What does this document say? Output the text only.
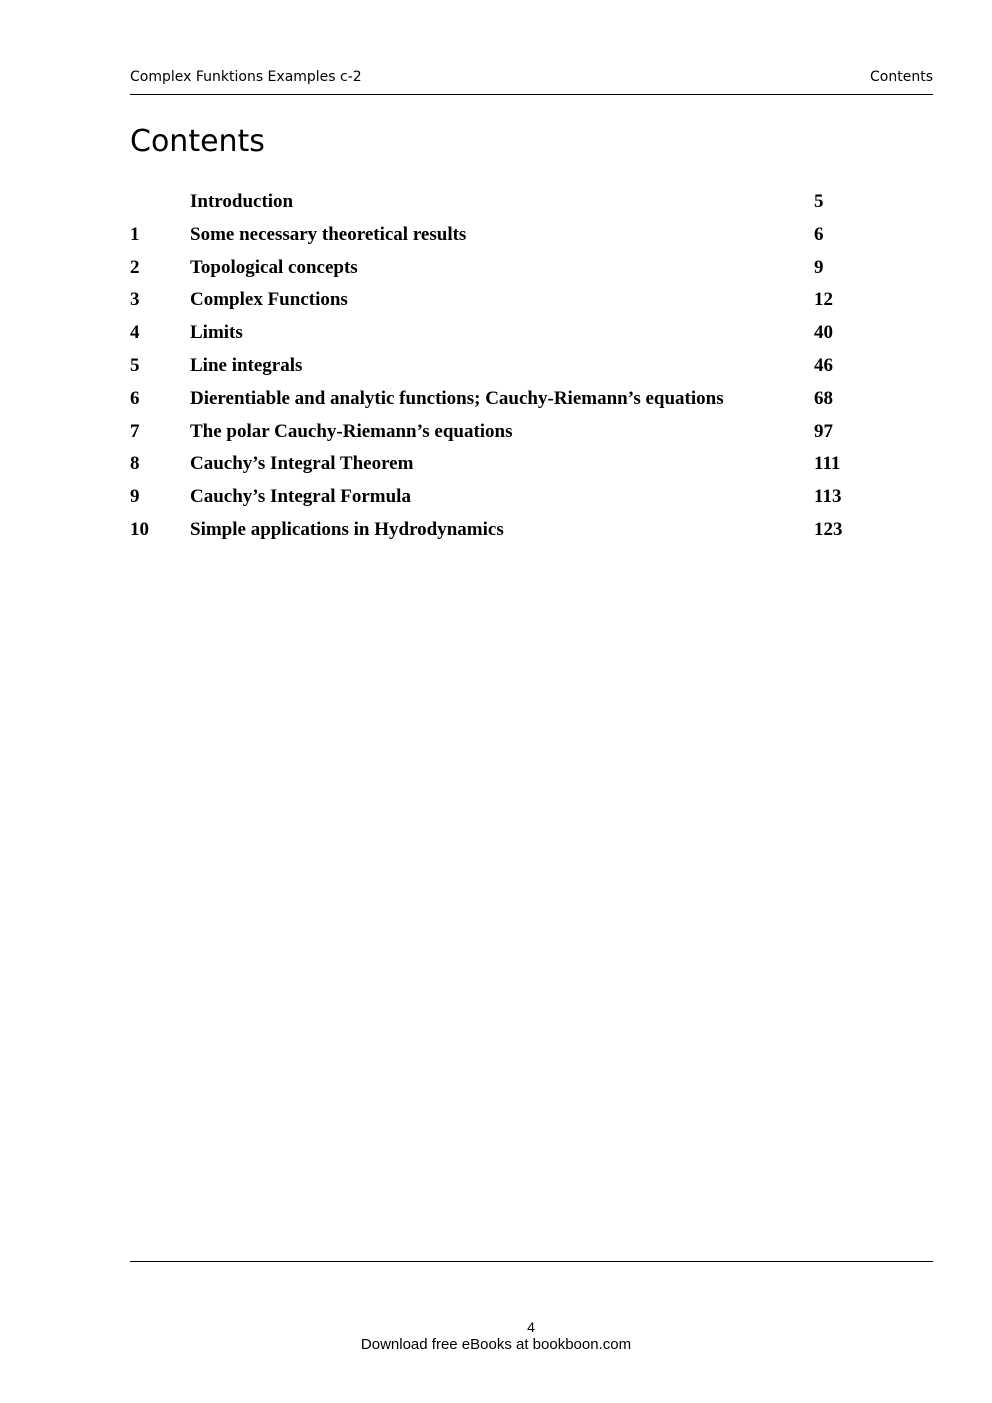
Complex Funktions Examples c-2	Contents
Contents
Introduction	5
1	Some necessary theoretical results	6
2	Topological concepts	9
3	Complex Functions	12
4	Limits	40
5	Line integrals	46
6	Dierentiable and analytic functions; Cauchy-Riemann’s equations	68
7	The polar Cauchy-Riemann’s equations	97
8	Cauchy’s Integral Theorem	111
9	Cauchy’s Integral Formula	113
10 Simple applications in Hydrodynamics	123
4
Download free eBooks at bookboon.com
